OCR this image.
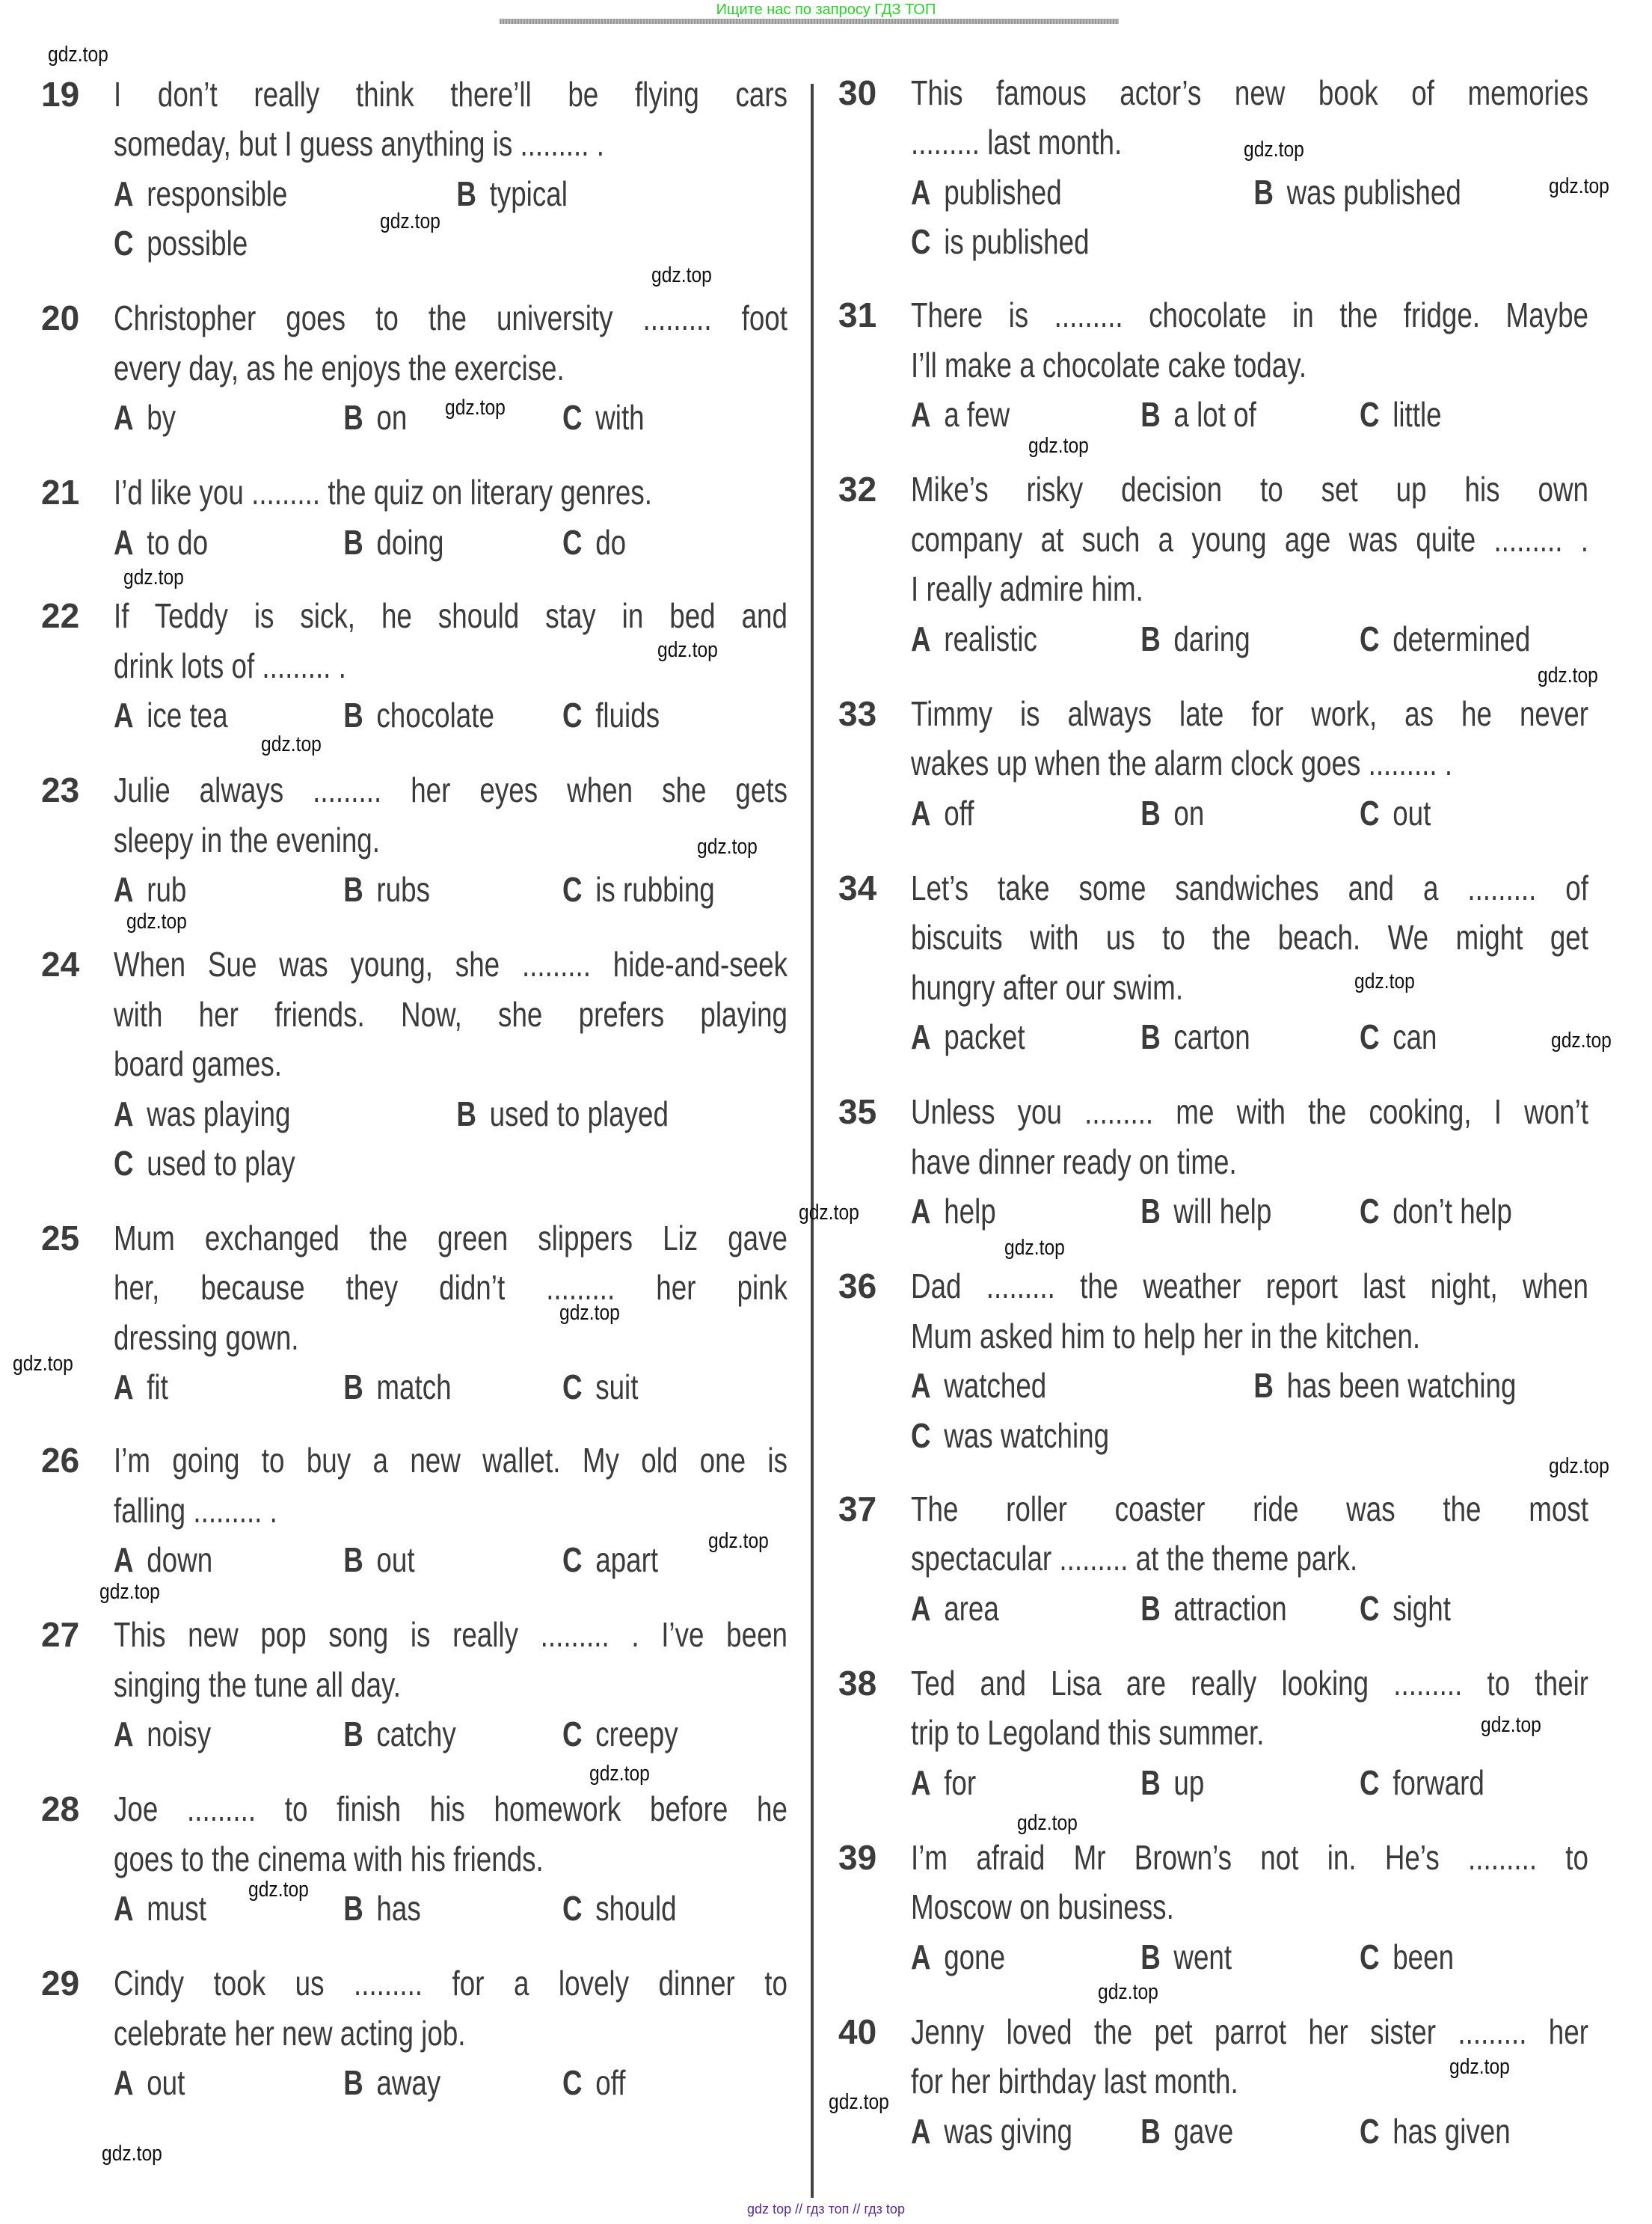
Ищите нас по запросу ГДЗ ТОП
19 I don’t really think there’ll be flying cars
someday, but I guess anything is ......... .
A responsible	B typical
C possible
20 Christopher goes to the university ......... foot
every day, as he enjoys the exercise.
A by	B on	C with
21 I’d like you ......... the quiz on literary genres.
A to do	B doing	C do
22 If Teddy is sick, he should stay in bed and
drink lots of ......... .
A ice tea	B chocolate C fluids
23 Julie always ......... her eyes when she gets
sleepy in the evening.
A rub	B rubs	C is rubbing
24 When Sue was young, she ......... hide-and-seek
with her friends. Now, she prefers playing
board games.
A was playing	B used to played
C used to play
25 Mum exchanged the green slippers Liz gave
her, because they didn’t ......... her pink
dressing gown.
A fit	B match	C suit
26 I’m going to buy a new wallet. My old one is
falling ......... .
A down	B out	C apart
27 This new pop song is really ......... . I’ve been
singing the tune all day.
A noisy	B catchy	C creepy
28 Joe ......... to finish his homework before he
goes to the cinema with his friends.
A must	B has	C should
29 Cindy took us ......... for a lovely dinner to
celebrate her new acting job.
A out	B away	C off
30 This famous actor’s new book of memories
......... last month.
A published	B was published
C is published
31 There is ......... chocolate in the fridge. Maybe
I’ll make a chocolate cake today.
A a few	B a lot of	C little
32 Mike’s risky decision to set up his own
company at such a young age was quite ......... .
I really admire him.
A realistic	B daring	C determined
33 Timmy is always late for work, as he never
wakes up when the alarm clock goes ......... .
A off	B on	C out
34 Let’s take some sandwiches and a ......... of
biscuits with us to the beach. We might get
hungry after our swim.
A packet	B carton	C can
35 Unless you ......... me with the cooking, I won’t
have dinner ready on time.
A help	B will help	C don’t help
36 Dad ......... the weather report last night, when
Mum asked him to help her in the kitchen.
A watched	B has been watching
C was watching
37 The roller coaster ride was the most
spectacular ......... at the theme park.
A area	B attraction C sight
38 Ted and Lisa are really looking ......... to their
trip to Legoland this summer.
A for	B up	C forward
39 I’m afraid Mr Brown’s not in. He’s ......... to
Moscow on business.
A gone	B went	C been
40 Jenny loved the pet parrot her sister ......... her
for her birthday last month.
A was giving B gave	C has given
gdz.top
gdz.top
gdz.top
gdz.top
gdz.top
gdz.top
gdz.top
gdz.top
gdz.top
gdz.top
gdz.top
gdz.top
gdz.top
gdz.top
gdz.top
gdz.top
gdz.top
gdz.top
gdz.top
gdz.top
gdz.top
gdz.top
gdz.top
gdz.top
gdz.top
gdz.top
gdz.top
gdz.top
gdz.top
gdz.top
gdz top // гдз топ // гдз top
